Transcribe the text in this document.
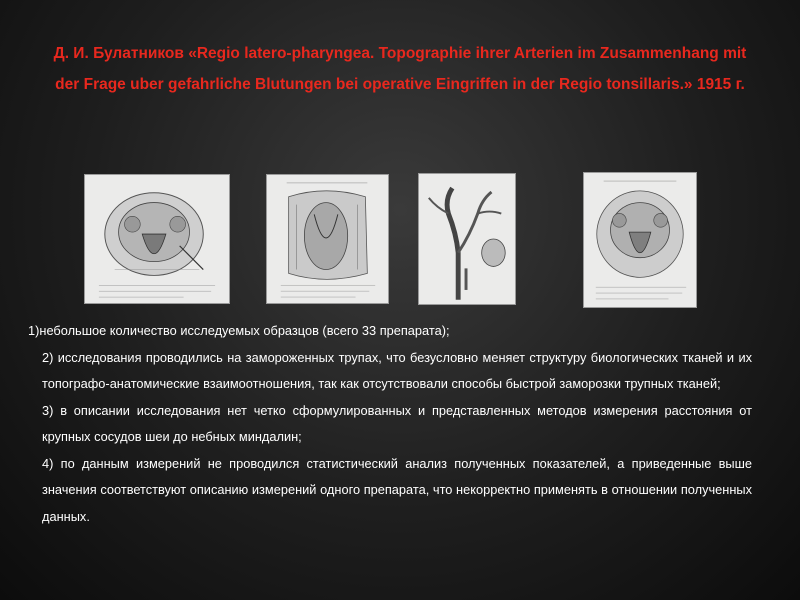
Д. И. Булатников «Regio latero-pharyngea. Topographie ihrer Arterien im Zusammenhang mit der Frage uber gefahrliche Blutungen bei operative Eingriffen in der Regio tonsillaris.» 1915 г.

1)небольшое количество исследуемых образцов (всего 33 препарата);

2) исследования проводились на замороженных трупах, что безусловно меняет структуру биологических тканей и их топографо-анатомические взаимоотношения, так как отсутствовали способы быстрой заморозки трупных тканей;

3) в описании исследования нет четко сформулированных и представленных методов измерения расстояния от крупных сосудов шеи до небных миндалин;

4) по данным измерений не проводился статистический анализ полученных показателей, а приведенные выше значения соответствуют описанию измерений одного препарата, что некорректно применять в отношении полученных данных.
